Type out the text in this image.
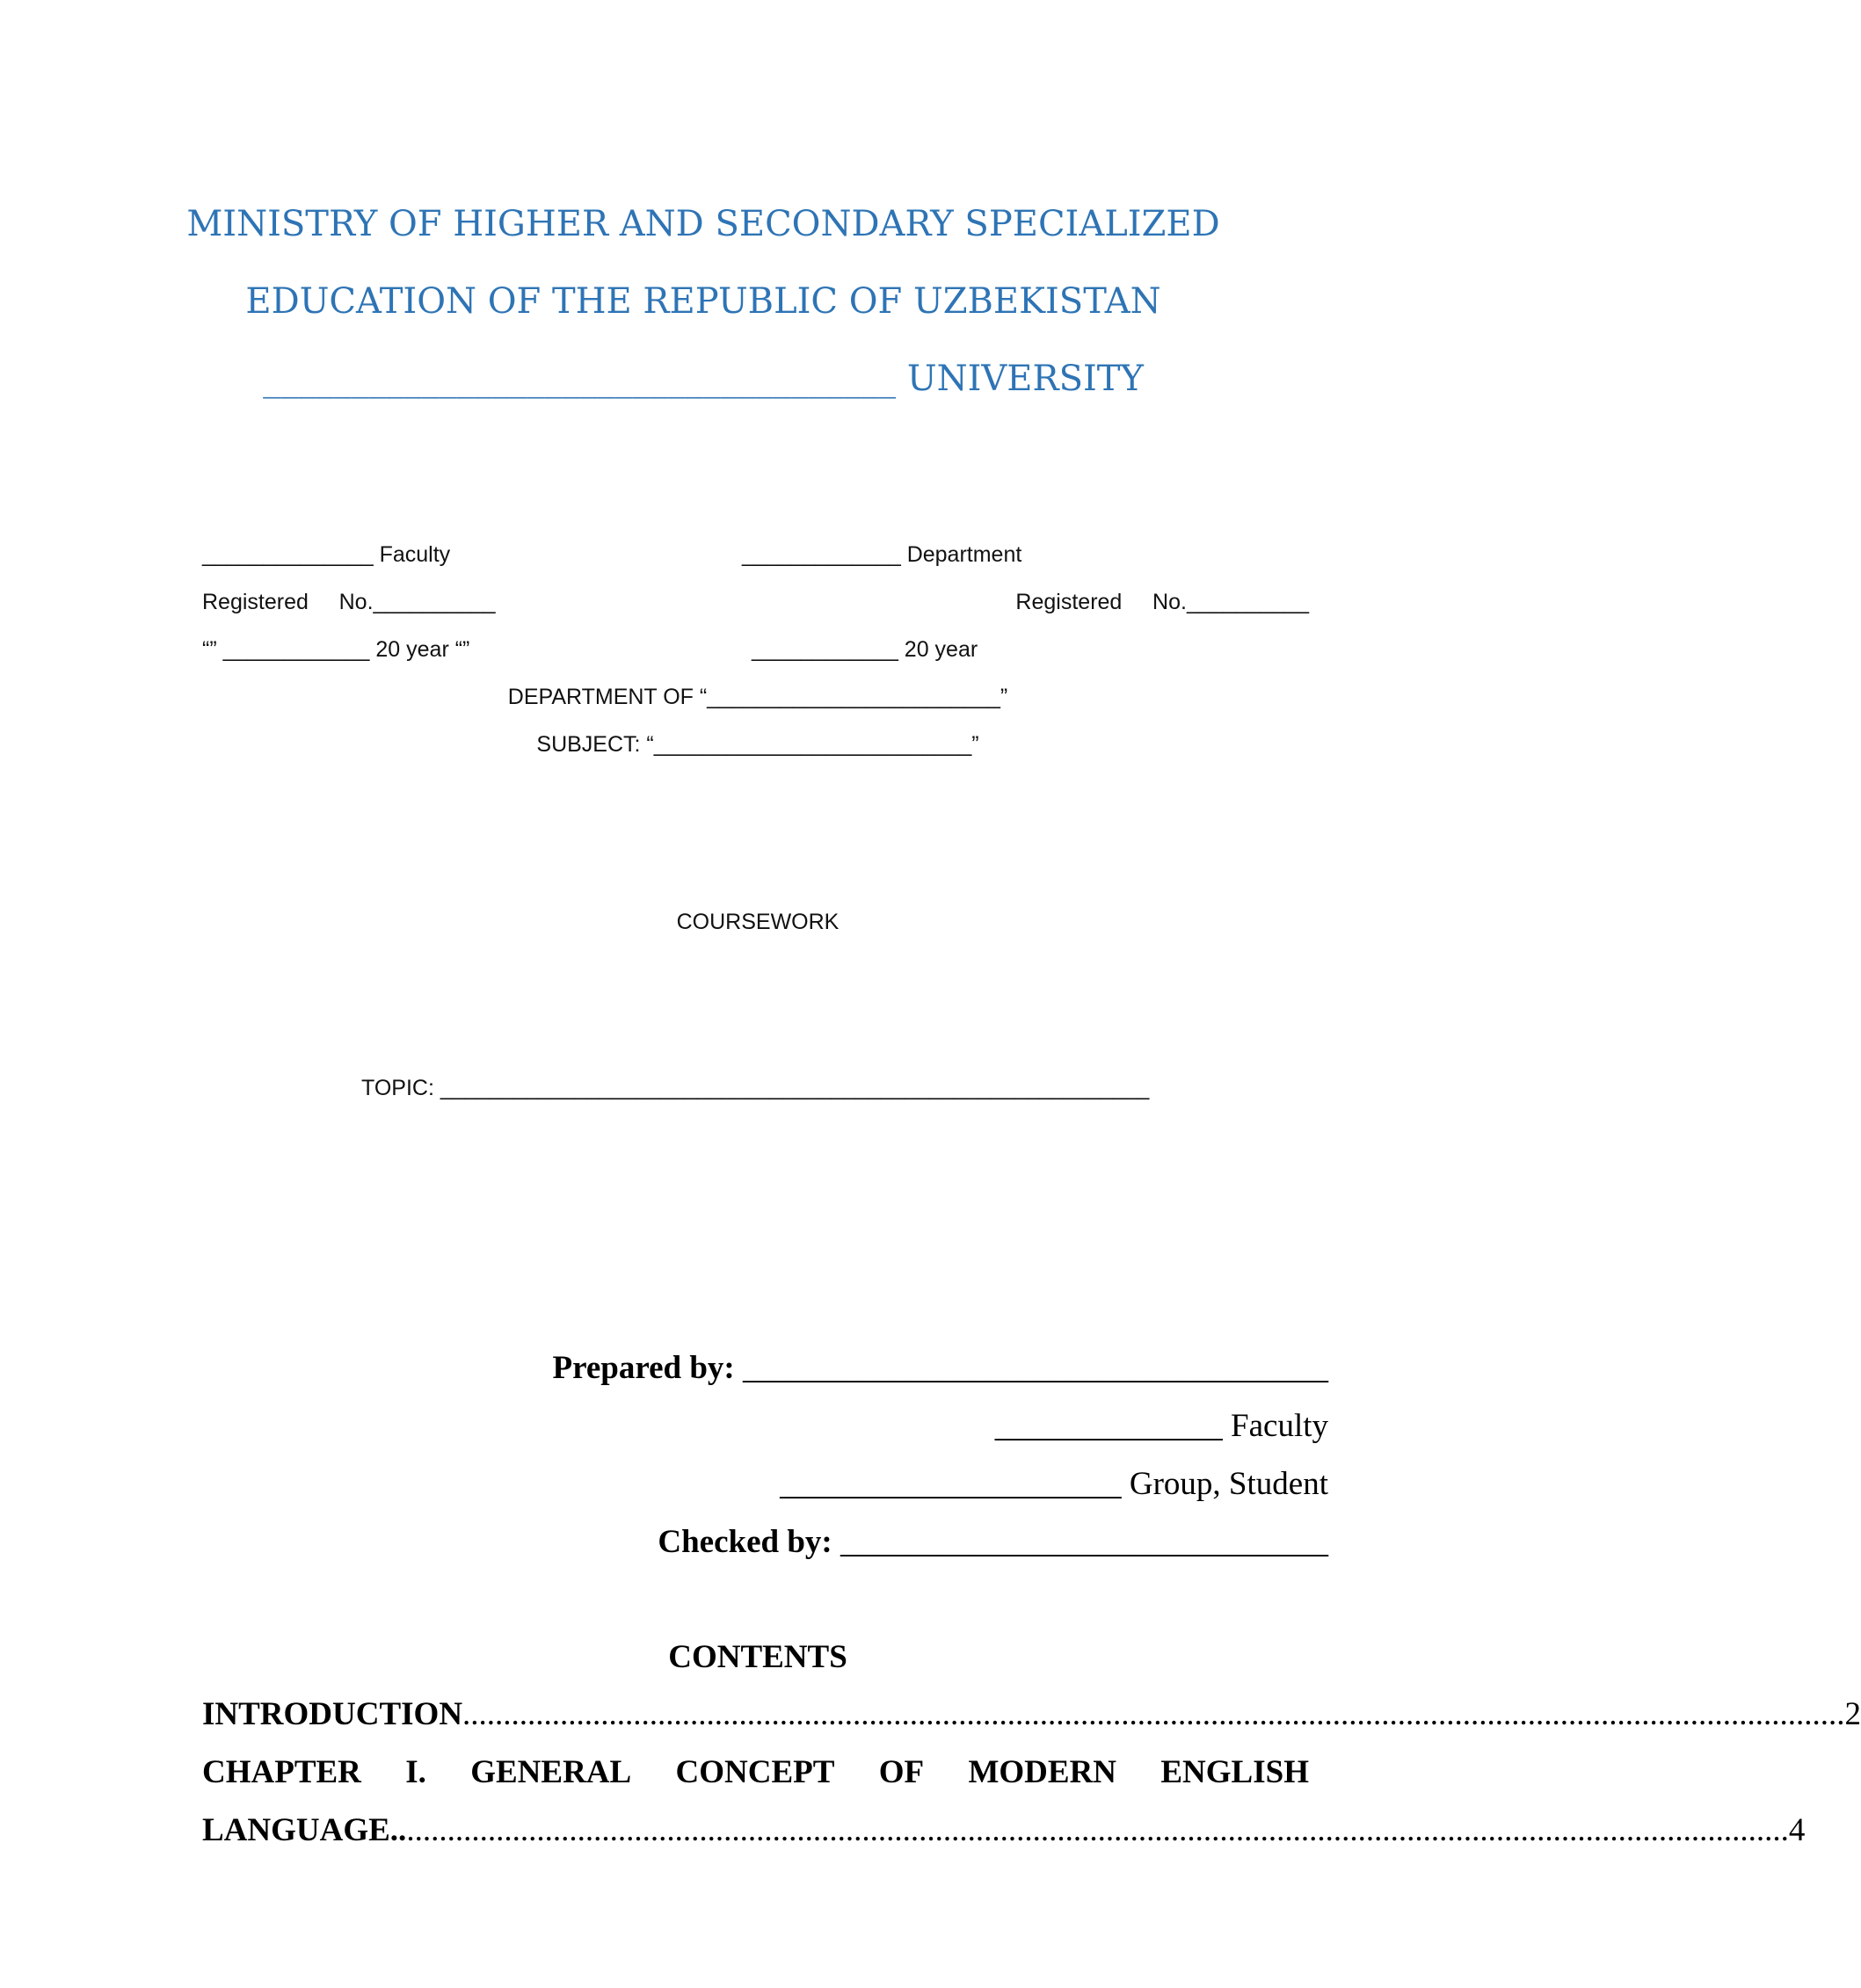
MINISTRY OF HIGHER AND SECONDARY SPECIALIZED
EDUCATION OF THE REPUBLIC OF UZBEKISTAN
____________________________________ UNIVERSITY
______________ Faculty	_____________ Department
Registered     No.__________	Registered     No.__________
“” ____________ 20 year “”	____________ 20 year
DEPARTMENT OF “________________________”
SUBJECT: “__________________________”
COURSEWORK
TOPIC: __________________________________________________________
Prepared by: ____________________________________
______________ Faculty
_____________________ Group, Student
Checked by: ______________________________
CONTENTS
INTRODUCTION .......................................................................................................................................................................... 2
CHAPTER I. GENERAL CONCEPT OF MODERN ENGLISH
LANGUAGE.. .......................................................................................................................................................................... 4
